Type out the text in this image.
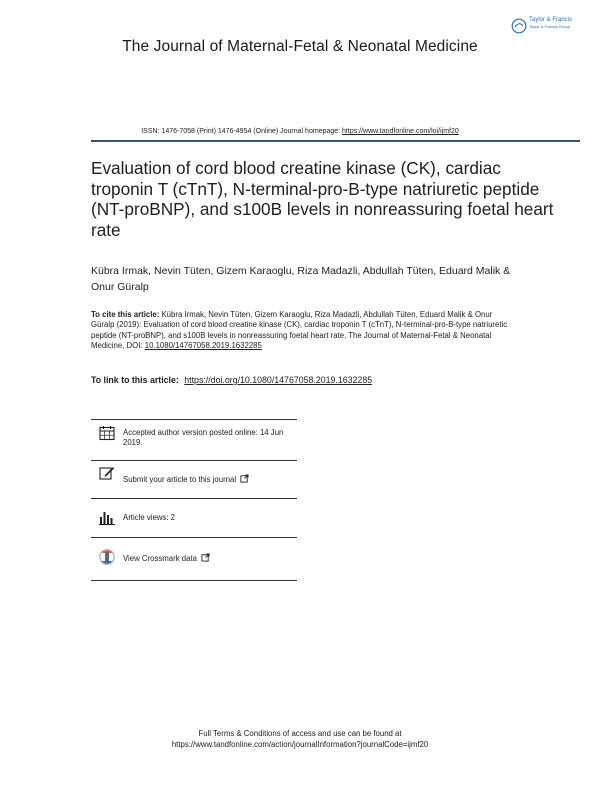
The Journal of Maternal-Fetal & Neonatal Medicine
Taylor & Francis
Taylor & Francis Group
ISSN: 1476-7058 (Print) 1476-4954 (Online) Journal homepage: https://www.tandfonline.com/loi/ijmf20
Evaluation of cord blood creatine kinase (CK), cardiac troponin T (cTnT), N-terminal-pro-B-type natriuretic peptide (NT-proBNP), and s100B levels in nonreassuring foetal heart rate
Kübra Irmak, Nevin Tüten, Gizem Karaoglu, Riza Madazli, Abdullah Tüten, Eduard Malik & Onur Güralp
To cite this article: Kübra Irmak, Nevin Tüten, Gizem Karaoglu, Riza Madazli, Abdullah Tüten, Eduard Malik & Onur Güralp (2019): Evaluation of cord blood creatine kinase (CK), cardiac troponin T (cTnT), N-terminal-pro-B-type natriuretic peptide (NT-proBNP), and s100B levels in nonreassuring foetal heart rate, The Journal of Maternal-Fetal & Neonatal Medicine, DOI: 10.1080/14767058.2019.1632285
To link to this article: https://doi.org/10.1080/14767058.2019.1632285
Accepted author version posted online: 14 Jun 2019.
Submit your article to this journal
Article views: 2
View Crossmark data
Full Terms & Conditions of access and use can be found at
https://www.tandfonline.com/action/journalInformation?journalCode=ijmf20
